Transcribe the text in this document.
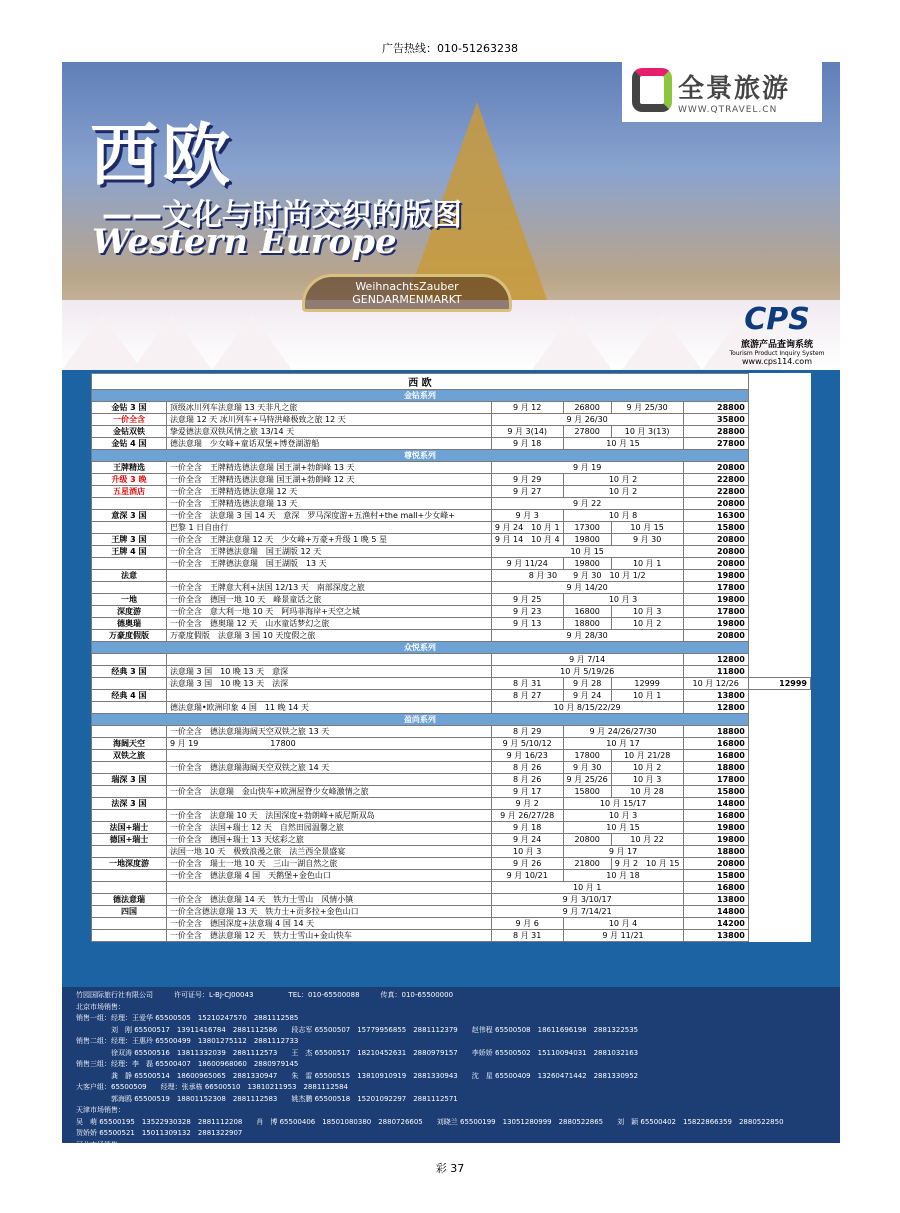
广告热线：010-51263238
西欧
——文化与时尚交织的版图
Western Europe
WeihnachtsZauber
GENDARMENMARKT
全景旅游
WWW.QTRAVEL.CN
CPS
旅游产品查询系统
Tourism Product Inquiry System
www.cps114.com
西 欧						
金钻系列						
金钻 3 国	顶级冰川列车法意瑞 13 天非凡之旅	9 月 12	26800	9 月 25/30	28800	
一价全含	法意瑞 12 天 冰川列车+马特洪峰极致之旅 12 天	9 月 26/30			35800	
金钻双铁	挚爱德法意双铁风情之旅 13/14 天	9 月 3(14)	27800	10 月 3(13)	28800	
金钻 4 国	德法意瑞　少女峰+童话双堡+博登湖游船	9 月 18	10 月 15		27800	
尊悦系列						
王牌精选	一价全含　王牌精选德法意瑞 国王湖+勃朗峰 13 天	9 月 19			20800	
升级 3 晚	一价全含　王牌精选德法意瑞 国王湖+勃朗峰 12 天	9 月 29	10 月 2		22800	
五星酒店	一价全含　王牌精选德法意瑞 12 天	9 月 27	10 月 2		22800	
	一价全含　王牌精选德法意瑞 13 天	9 月 22			20800	
意深 3 国	一价全含　法意瑞 3 国 14 天　意深　罗马深度游+五渔村+the mall+少女峰+	9 月 3	10 月 8		16300	
	巴黎 1 日自由行	9 月 24　10 月 1	17300	10 月 15	15800	
王牌 3 国	一价全含　王牌法意瑞 12 天　少女峰+万豪+升级 1 晚 5 星	9 月 14　10 月 4	19800	9 月 30	20800	
王牌 4 国	一价全含　王牌德法意瑞　国王湖版 12 天	10 月 15			20800	
	一价全含　王牌德法意瑞　国王湖版　13 天	9 月 11/24	19800	10 月 1	20800	
法意		8 月 30　　9 月 30　10 月 1/2			19800	
	一价全含　王牌意大利+法国 12/13 天　南部深度之旅	9 月 14/20			17800	
一地	一价全含　德国一地 10 天　峰景童话之旅	9 月 25	10 月 3		19800	
深度游	一价全含　意大利一地 10 天　阿玛菲海岸+天空之城	9 月 23	16800	10 月 3	17800	
德奥瑞	一价全含　德奥瑞 12 天　山水童话梦幻之旅	9 月 13	18800	10 月 2	19800	
万豪度假版	万豪度假版　法意瑞 3 国 10 天度假之旅	9 月 28/30			20800	
众悦系列						
		9 月 7/14			12800	
经典 3 国	法意瑞 3 国　10 晚 13 天　意深	10 月 5/19/26			11800	
	法意瑞 3 国　10 晚 13 天　法深	8 月 31	9 月 28	12999	10 月 12/26	12999
经典 4 国		8 月 27	9 月 24	10 月 1	13800	
	德法意瑞•欧洲印象 4 国　11 晚 14 天	10 月 8/15/22/29			12800	
盈尚系列						
	一价全含　德法意瑞海阔天空双铁之旅 13 天	8 月 29	9 月 24/26/27/30		18800	
海阔天空	9 月 19　　　　　　　　　17800	9 月 5/10/12	10 月 17		16800	
双铁之旅		9 月 16/23	17800	10 月 21/28	16800	
	一价全含　德法意瑞海阔天空双铁之旅 14 天	8 月 26	9 月 30	10 月 2	18800	
瑞深 3 国		8 月 26	9 月 25/26	10 月 3	17800	
	一价全含　法意瑞　金山快车+欧洲屋脊少女峰激情之旅	9 月 17	15800	10 月 28	15800	
法深 3 国		9 月 2	10 月 15/17		14800	
	一价全含　法意瑞 10 天　法国深度+勃朗峰+威尼斯双岛	9 月 26/27/28	10 月 3		16800	
法国+瑞士	一价全含　法国+瑞士 12 天　自然田园温馨之旅	9 月 18	10 月 15		19800	
德国+瑞士	一价全含　德国+瑞士 13 天炫彩之旅	9 月 24	20800	10 月 22	19800	
	法国一地 10 天　极致浪漫之旅　法兰西全景盛宴	10 月 3	9 月 17		18800	
一地深度游	一价全含　瑞士一地 10 天　三山一湖自然之旅	9 月 26	21800	9 月 2　10 月 15	20800	
	一价全含　德法意瑞 4 国　天鹅堡+金色山口	9 月 10/21	10 月 18		15800	
		10 月 1			16800	
德法意瑞	一价全含　德法意瑞 14 天　铁力士雪山　风情小镇	9 月 3/10/17			13800	
四国	一价全含德法意瑞 13 天　铁力士+贡多拉+金色山口	9 月 7/14/21			14800	
	一价全含　德国深度+法意瑞 4 国 14 天	9 月 6	10 月 4		14200	
	一价全含　德法意瑞 12 天　铁力士雪山+金山快车	8 月 31	9 月 11/21		13800	
竹园国际旅行社有限公司　　　许可证号：L-BJ-CJ00043　　　　　TEL：010-65500088　　　传真：010-65500000
北京市场销售：
销售一组：经理：王爱华 65500505　15210247570　2881112585
　　　　　刘　刚 65500517　13911416784　2881112586　　段志军 65500507　15779956855　2881112379　　赵伟程 65500508　18611696198　2881322535
销售二组：经理：王惠玲 65500499　13801275112　2881112733
　　　　　徐双涛 65500516　13811332039　2881112573　　王　杰 65500517　18210452631　2880979157　　李娇娇 65500502　15110094031　2881032163
销售三组：经理：李　磊 65500407　18600968060　2880979145
　　　　　龚　静 65500514　18600965065　2881330947　　朱　雷 65500515　13810910919　2881330943　　沈　星 65500409　13260471442　2881330952
大客户组：65500509　　经理：张承栋 66500510　13810211953　2881112584
　　　　　郭海鸥 65500519　18801152308　2881112583　　姚杰鹏 65500518　15201092297　2881112571
天津市场销售：
吴　萌 65500195　13522930328　2881112208　　肖　博 65500406　18501080380　2880726605　　刘晓兰 65500199　13051280999　2880522865　　刘　颖 65500402　15822866359　2880522850
贺娇娇 65500521　15011309132　2881322907
河北市场销售：
孙哲云 65500412　13521880307　2881112388　　冯建磊 65500408　13501079731　2880726573　　刘　峰 65500503　15810014712　2881112582　　张亚男 65500410　13641204626　2881322637
彩 37
